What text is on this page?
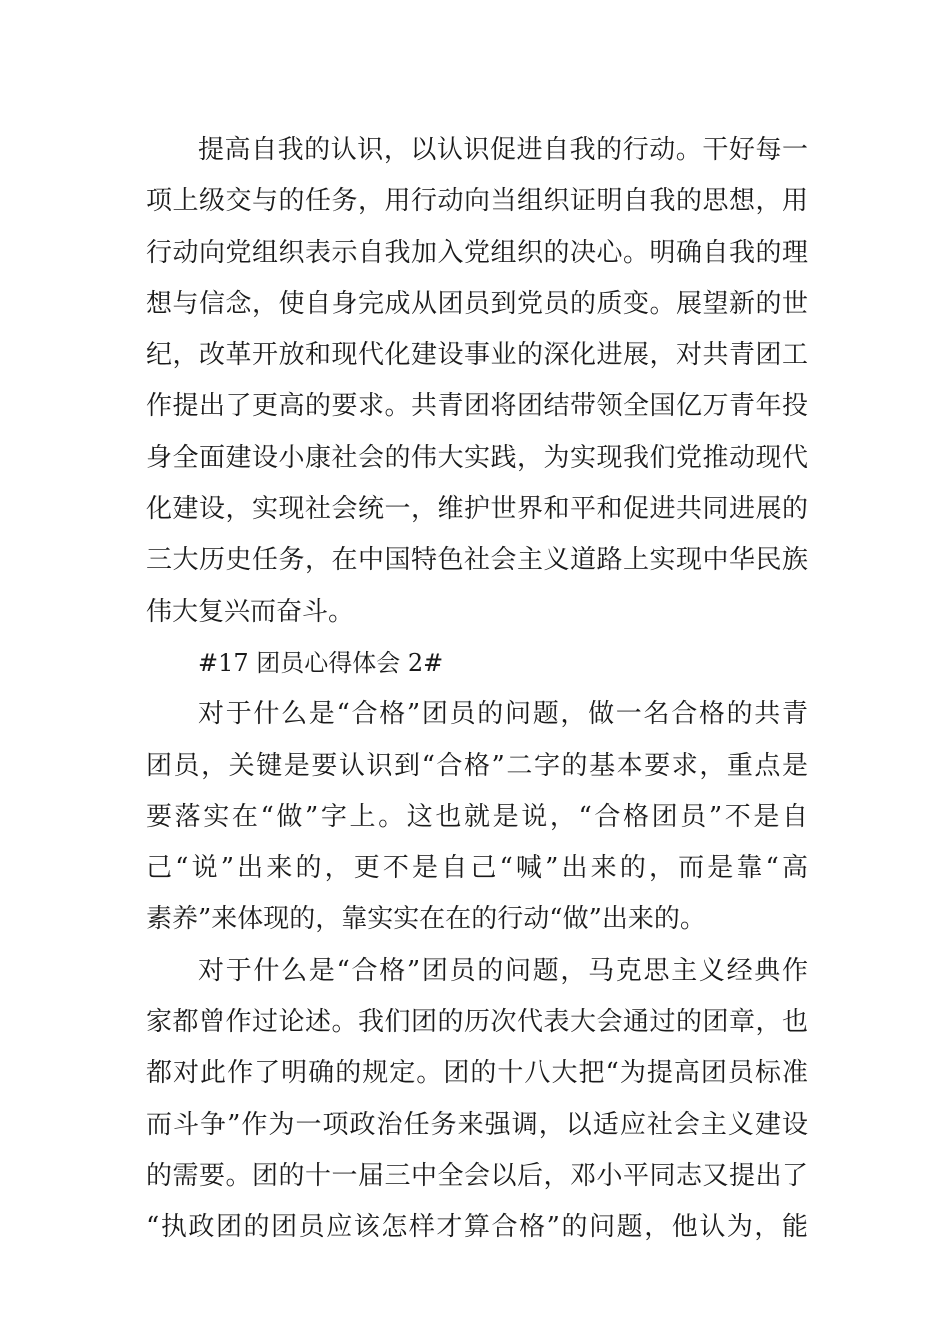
提高自我的认识，以认识促进自我的行动。干好每一
项上级交与的任务，用行动向当组织证明自我的思想，用
行动向党组织表示自我加入党组织的决心。明确自我的理
想与信念，使自身完成从团员到党员的质变。展望新的世
纪，改革开放和现代化建设事业的深化进展，对共青团工
作提出了更高的要求。共青团将团结带领全国亿万青年投
身全面建设小康社会的伟大实践，为实现我们党推动现代
化建设，实现社会统一，维护世界和平和促进共同进展的
三大历史任务，在中国特色社会主义道路上实现中华民族
伟大复兴而奋斗。
#17 团员心得体会 2#
对于什么是“合格”团员的问题，做一名合格的共青
团员，关键是要认识到“合格”二字的基本要求，重点是
要落实在“做”字上。这也就是说，“合格团员”不是自
己“说”出来的，更不是自己“喊”出来的，而是靠“高
素养”来体现的，靠实实在在的行动“做”出来的。
对于什么是“合格”团员的问题，马克思主义经典作
家都曾作过论述。我们团的历次代表大会通过的团章，也
都对此作了明确的规定。团的十八大把“为提高团员标准
而斗争”作为一项政治任务来强调，以适应社会主义建设
的需要。团的十一届三中全会以后，邓小平同志又提出了
“执政团的团员应该怎样才算合格”的问题，他认为，能
